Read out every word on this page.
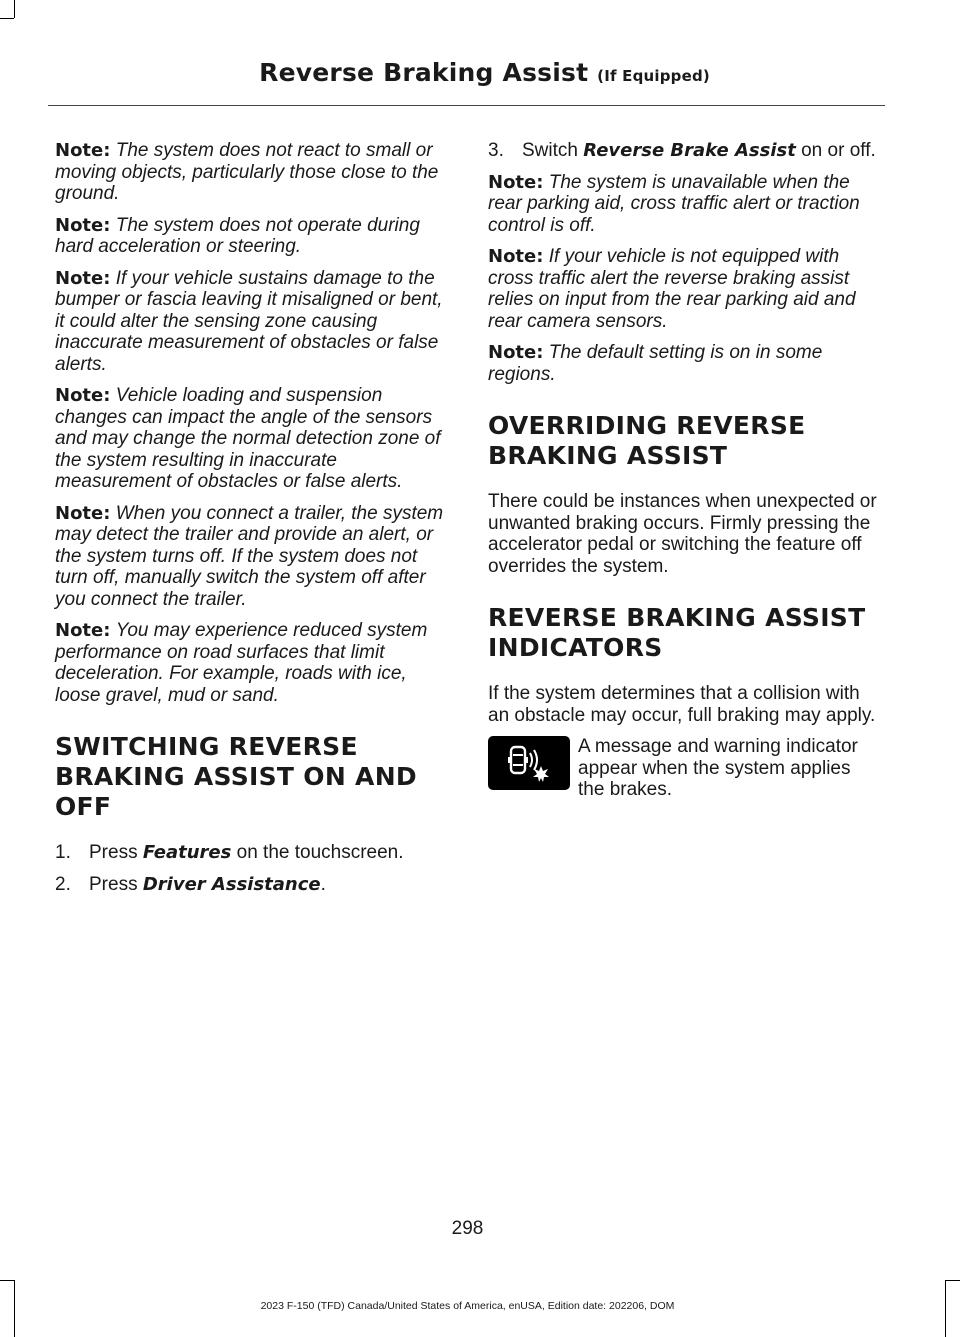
Reverse Braking Assist (If Equipped)

Note: The system does not react to small or moving objects, particularly those close to the ground.

Note: The system does not operate during hard acceleration or steering.

Note: If your vehicle sustains damage to the bumper or fascia leaving it misaligned or bent, it could alter the sensing zone causing inaccurate measurement of obstacles or false alerts.

Note: Vehicle loading and suspension changes can impact the angle of the sensors and may change the normal detection zone of the system resulting in inaccurate measurement of obstacles or false alerts.

Note: When you connect a trailer, the system may detect the trailer and provide an alert, or the system turns off. If the system does not turn off, manually switch the system off after you connect the trailer.

Note: You may experience reduced system performance on road surfaces that limit deceleration. For example, roads with ice, loose gravel, mud or sand.

SWITCHING REVERSE
BRAKING ASSIST ON AND OFF
1. Press Features on the touchscreen.
2. Press Driver Assistance.
3. Switch Reverse Brake Assist on or off.

Note: The system is unavailable when the rear parking aid, cross traffic alert or traction control is off.

Note: If your vehicle is not equipped with cross traffic alert the reverse braking assist relies on input from the rear parking aid and rear camera sensors.

Note: The default setting is on in some regions.

OVERRIDING REVERSE
BRAKING ASSIST

There could be instances when unexpected or unwanted braking occurs. Firmly pressing the accelerator pedal or switching the feature off overrides the system.

REVERSE BRAKING ASSIST
INDICATORS

If the system determines that a collision with an obstacle may occur, full braking may apply.

A message and warning indicator appear when the system applies the brakes.
298
2023 F-150 (TFD) Canada/United States of America, enUSA, Edition date: 202206, DOM
